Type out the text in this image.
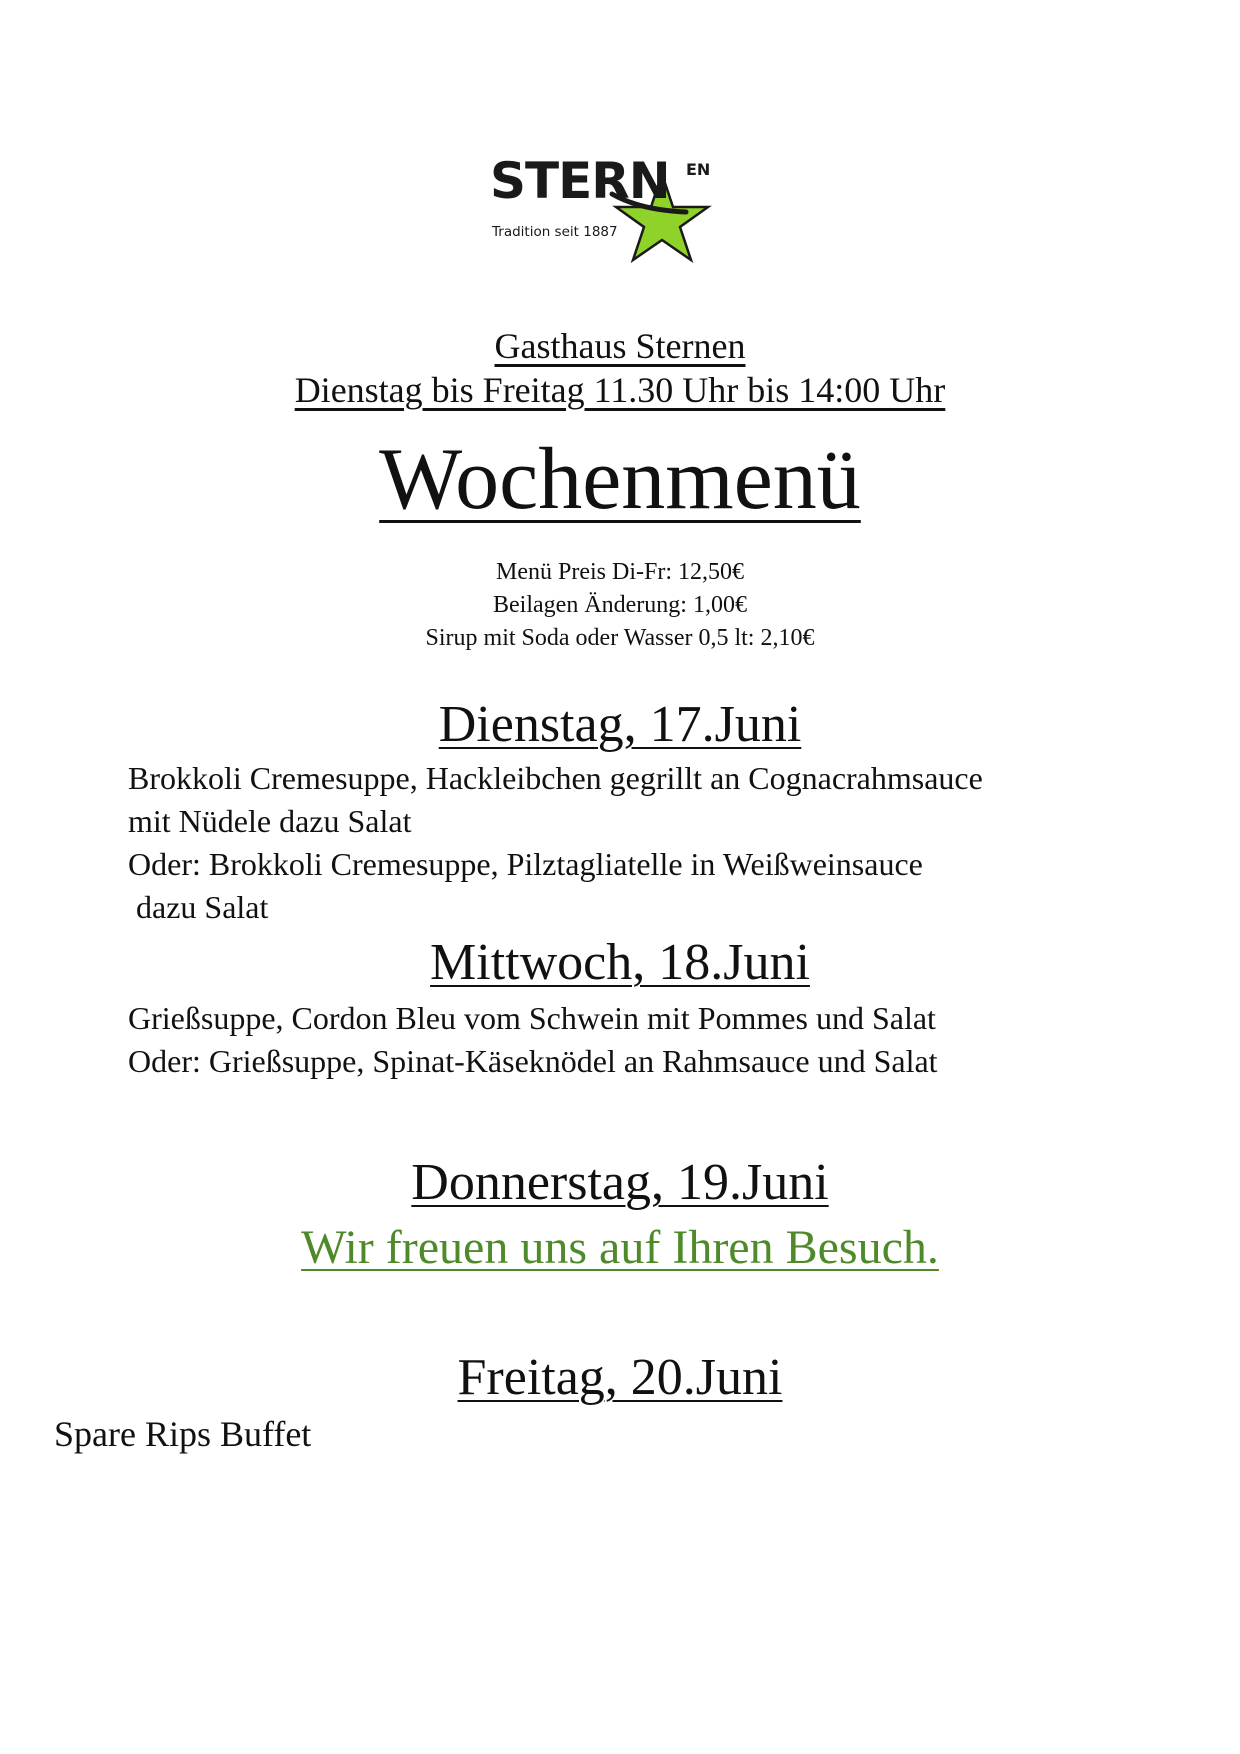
STERN EN
Tradition seit 1887
Gasthaus Sternen
Dienstag bis Freitag 11.30 Uhr bis 14:00 Uhr
Wochenmenü
Menü Preis Di-Fr: 12,50€
Beilagen Änderung: 1,00€
Sirup mit Soda oder Wasser 0,5 lt: 2,10€
Dienstag, 17.Juni
Brokkoli Cremesuppe, Hackleibchen gegrillt an Cognacrahmsauce
mit Nüdele dazu Salat
Oder: Brokkoli Cremesuppe, Pilztagliatelle in Weißweinsauce
dazu Salat
Mittwoch, 18.Juni
Grießsuppe, Cordon Bleu vom Schwein mit Pommes und Salat
Oder: Grießsuppe, Spinat-Käseknödel an Rahmsauce und Salat
Donnerstag, 19.Juni
Wir freuen uns auf Ihren Besuch.
Freitag, 20.Juni
Spare Rips Buffet
